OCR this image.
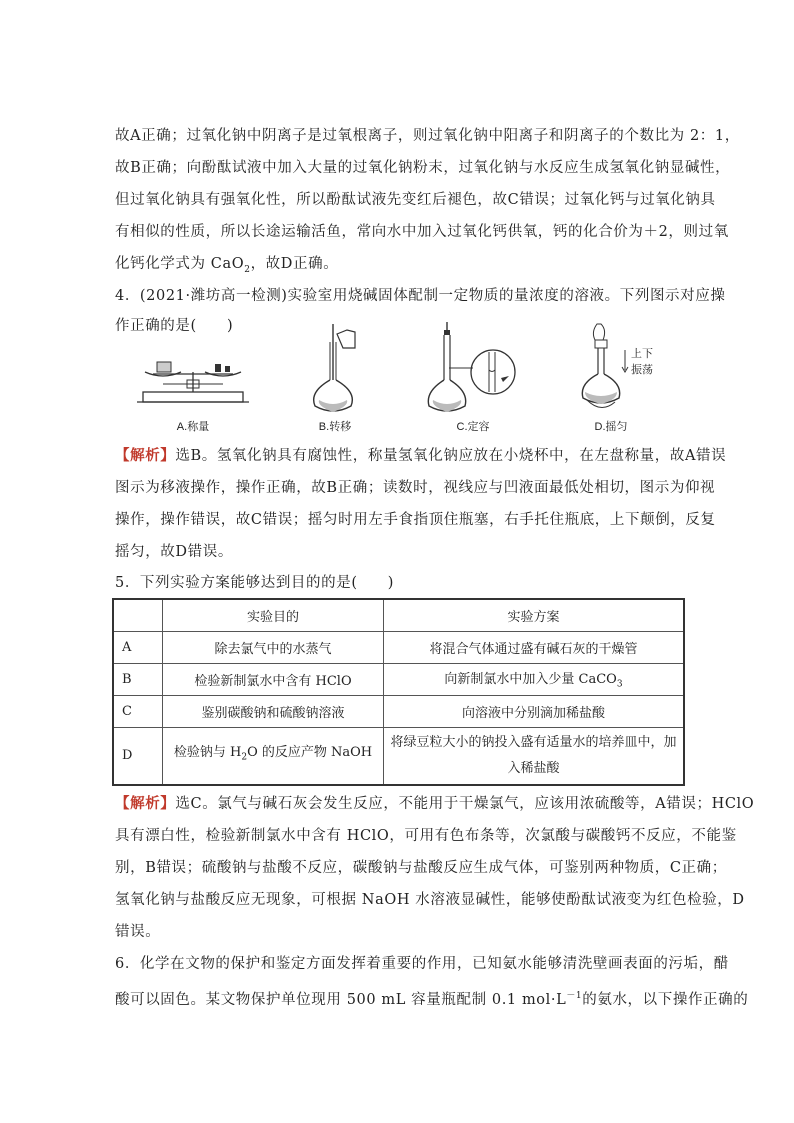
故A正确；过氧化钠中阴离子是过氧根离子，则过氧化钠中阳离子和阴离子的个数比为 2：1，
故B正确；向酚酞试液中加入大量的过氧化钠粉末，过氧化钠与水反应生成氢氧化钠显碱性，
但过氧化钠具有强氧化性，所以酚酞试液先变红后褪色，故C错误；过氧化钙与过氧化钠具
有相似的性质，所以长途运输活鱼，常向水中加入过氧化钙供氧，钙的化合价为＋2，则过氧
化钙化学式为 CaO$_2$，故D正确。
4．(2021·潍坊高一检测)实验室用烧碱固体配制一定物质的量浓度的溶液。下列图示对应操
作正确的是(　　)
A.称量	B.转移	C.定容
上下
振荡
D.摇匀
【解析】选B。氢氧化钠具有腐蚀性，称量氢氧化钠应放在小烧杯中，在左盘称量，故A错误
图示为移液操作，操作正确，故B正确；读数时，视线应与凹液面最低处相切，图示为仰视
操作，操作错误，故C错误；摇匀时用左手食指顶住瓶塞，右手托住瓶底，上下颠倒，反复
摇匀，故D错误。
5．下列实验方案能够达到目的的是(　　)
	实验目的	实验方案
A	除去氯气中的水蒸气	将混合气体通过盛有碱石灰的干燥管
B	检验新制氯水中含有 HClO	向新制氯水中加入少量 CaCO$_3$
C	鉴别碳酸钠和硫酸钠溶液	向溶液中分别滴加稀盐酸
D	检验钠与 $H_2O$ 的反应产物 NaOH	将绿豆粒大小的钠投入盛有适量水的培养皿中，加
入稀盐酸
【解析】选C。氯气与碱石灰会发生反应，不能用于干燥氯气，应该用浓硫酸等，A错误；HClO
具有漂白性，检验新制氯水中含有 HClO，可用有色布条等，次氯酸与碳酸钙不反应，不能鉴
别，B错误；硫酸钠与盐酸不反应，碳酸钠与盐酸反应生成气体，可鉴别两种物质，C正确；
氢氧化钠与盐酸反应无现象，可根据 NaOH 水溶液显碱性，能够使酚酞试液变为红色检验，D
错误。
6．化学在文物的保护和鉴定方面发挥着重要的作用，已知氨水能够清洗壁画表面的污垢，醋
酸可以固色。某文物保护单位现用 500 mL 容量瓶配制 0.1 $mol\cdot L^{-1}$的氨水，以下操作正确的
